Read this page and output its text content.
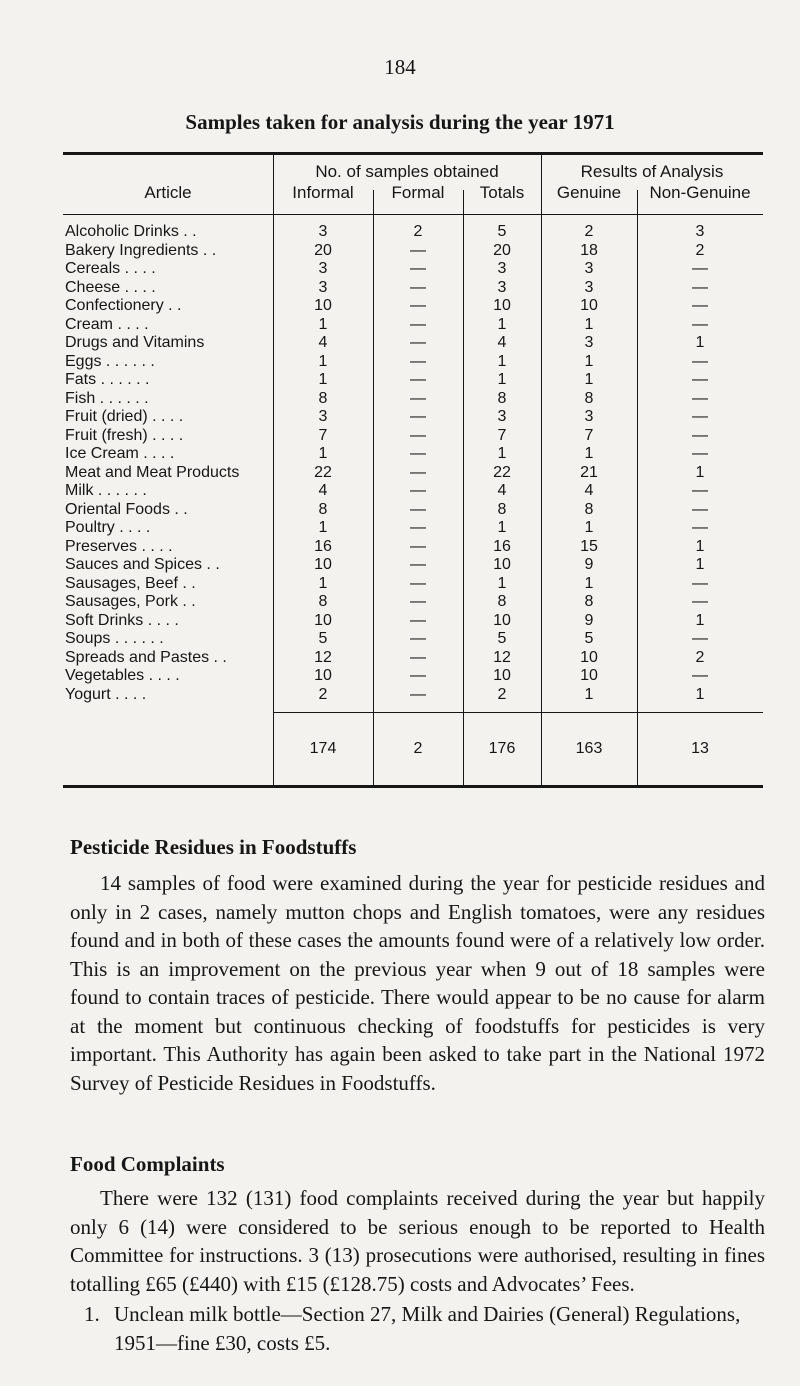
184
Samples taken for analysis during the year 1971
No. of samples obtained	Results of Analysis
Article	Informal	Formal	Totals	Genuine	Non-Genuine
Alcoholic Drinks . .	3	2	5	2	3
Bakery Ingredients . .	20	—	20	18	2
Cereals . . . .	3	—	3	3	—
Cheese . . . .	3	—	3	3	—
Confectionery . .	10	—	10	10	—
Cream . . . .	1	—	1	1	—
Drugs and Vitamins	4	—	4	3	1
Eggs . . . . . .	1	—	1	1	—
Fats . . . . . .	1	—	1	1	—
Fish . . . . . .	8	—	8	8	—
Fruit (dried) . . . .	3	—	3	3	—
Fruit (fresh) . . . .	7	—	7	7	—
Ice Cream . . . .	1	—	1	1	—
Meat and Meat Products	22	—	22	21	1
Milk . . . . . .	4	—	4	4	—
Oriental Foods . .	8	—	8	8	—
Poultry . . . .	1	—	1	1	—
Preserves . . . .	16	—	16	15	1
Sauces and Spices . .	10	—	10	9	1
Sausages, Beef . .	1	—	1	1	—
Sausages, Pork . .	8	—	8	8	—
Soft Drinks . . . .	10	—	10	9	1
Soups . . . . . .	5	—	5	5	—
Spreads and Pastes . .	12	—	12	10	2
Vegetables . . . .	10	—	10	10	—
Yogurt . . . .	2	—	2	1	1
174	2	176	163	13
Pesticide Residues in Foodstuffs

14 samples of food were examined during the year for pesticide residues and only in 2 cases, namely mutton chops and English tomatoes, were any residues found and in both of these cases the amounts found were of a relatively low order. This is an improvement on the previous year when 9 out of 18 samples were found to contain traces of pesticide. There would appear to be no cause for alarm at the moment but continuous checking of foodstuffs for pesticides is very important. This Authority has again been asked to take part in the National 1972 Survey of Pesticide Residues in Foodstuffs.

Food Complaints

There were 132 (131) food complaints received during the year but happily only 6 (14) were considered to be serious enough to be reported to Health Committee for instructions. 3 (13) prosecutions were authorised, resulting in fines totalling £65 (£440) with £15 (£128.75) costs and Advocates’ Fees.

1. Unclean milk bottle—Section 27, Milk and Dairies (General) Regulations, 1951—fine £30, costs £5.
